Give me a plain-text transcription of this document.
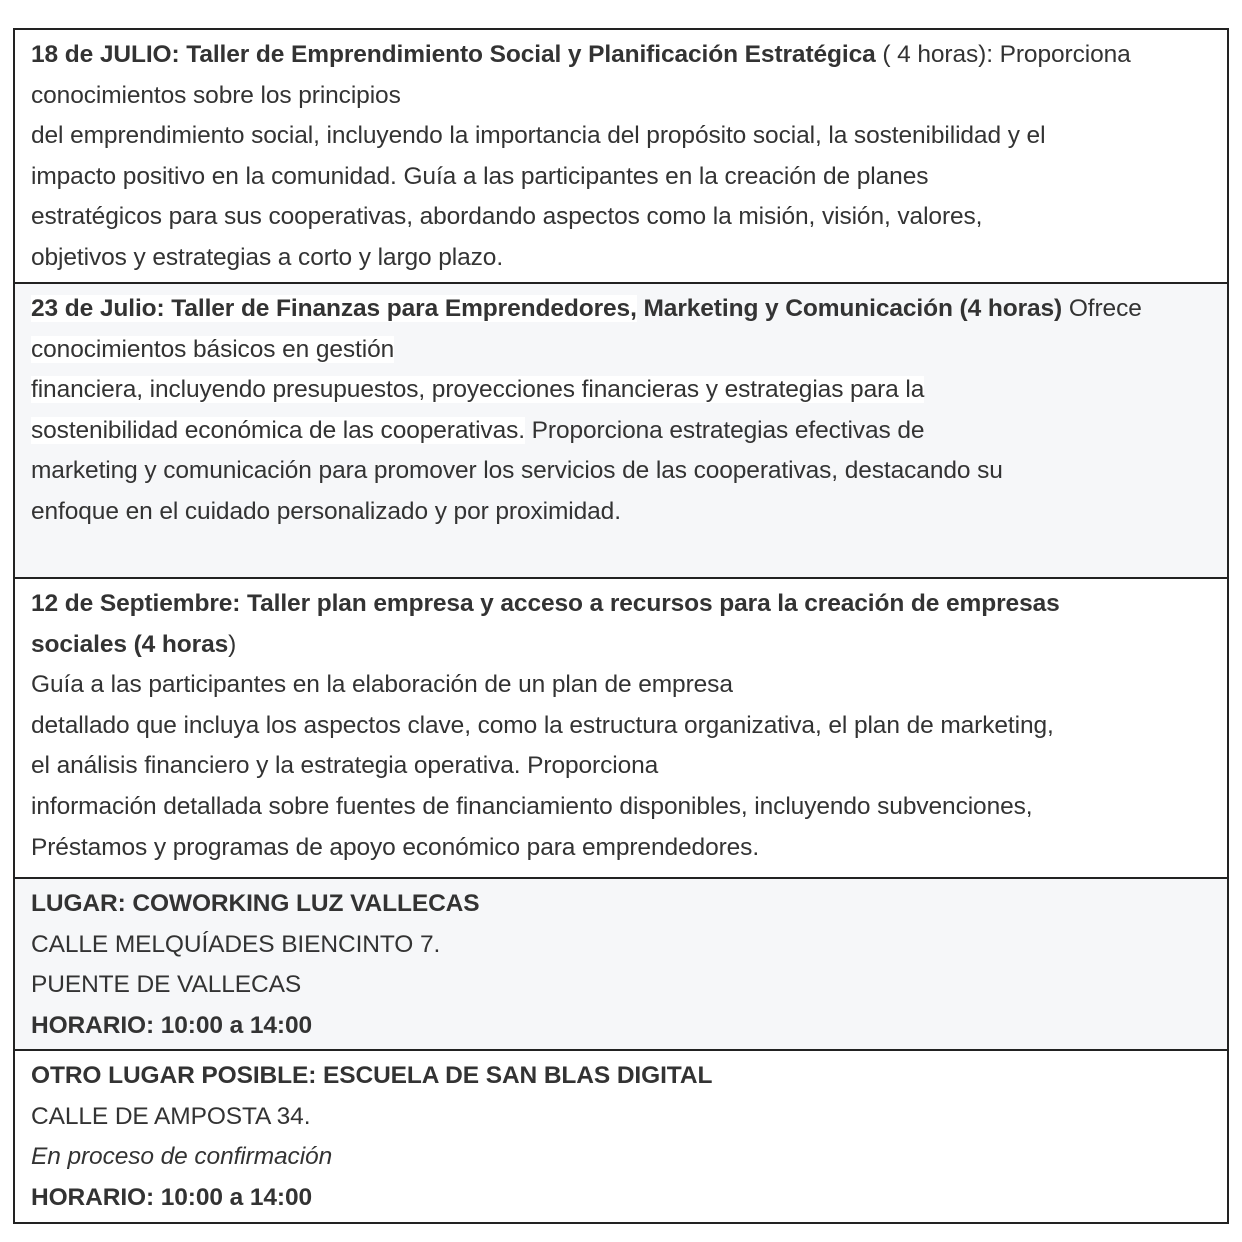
18 de JULIO: Taller de Emprendimiento Social y Planificación Estratégica ( 4 horas): Proporciona
conocimientos sobre los principios
del emprendimiento social, incluyendo la importancia del propósito social, la sostenibilidad y el
impacto positivo en la comunidad. Guía a las participantes en la creación de planes
estratégicos para sus cooperativas, abordando aspectos como la misión, visión, valores,
objetivos y estrategias a corto y largo plazo.
23 de Julio: Taller de Finanzas para Emprendedores, Marketing y Comunicación (4 horas) Ofrece
conocimientos básicos en gestión
financiera, incluyendo presupuestos, proyecciones financieras y estrategias para la
sostenibilidad económica de las cooperativas. Proporciona estrategias efectivas de
marketing y comunicación para promover los servicios de las cooperativas, destacando su
enfoque en el cuidado personalizado y por proximidad.
12 de Septiembre: Taller plan empresa y acceso a recursos para la creación de empresas
sociales (4 horas)
Guía a las participantes en la elaboración de un plan de empresa
detallado que incluya los aspectos clave, como la estructura organizativa, el plan de marketing,
el análisis financiero y la estrategia operativa. Proporciona
información detallada sobre fuentes de financiamiento disponibles, incluyendo subvenciones,
Préstamos y programas de apoyo económico para emprendedores.
LUGAR: COWORKING LUZ VALLECAS
CALLE MELQUÍADES BIENCINTO 7.
PUENTE DE VALLECAS
HORARIO: 10:00 a 14:00
OTRO LUGAR POSIBLE: ESCUELA DE SAN BLAS DIGITAL
CALLE DE AMPOSTA 34.
En proceso de confirmación
HORARIO: 10:00 a 14:00
